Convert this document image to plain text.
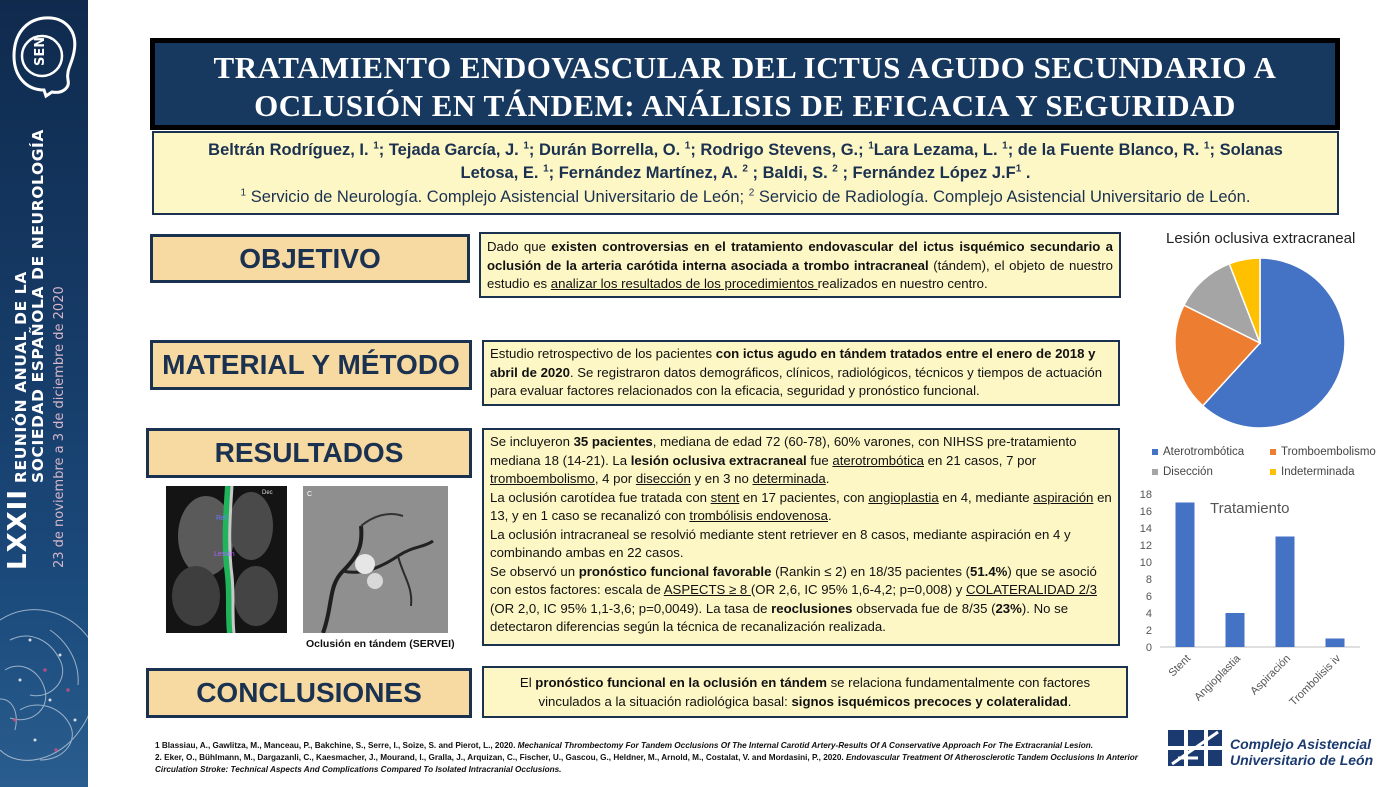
SEN
LXXII
REUNIÓN ANUAL DE LA SOCIEDAD ESPAÑOLA DE NEUROLOGÍA 23 de noviembre a 3 de diciembre de 2020
TRATAMIENTO ENDOVASCULAR DEL ICTUS AGUDO SECUNDARIO A
OCLUSIÓN EN TÁNDEM: ANÁLISIS DE EFICACIA Y SEGURIDAD
Beltrán Rodríguez, I. $^1$; Tejada García, J. $^1$; Durán Borrella, O. $^1$; Rodrigo Stevens, G.; $^1$Lara Lezama, L. $^1$; de la Fuente Blanco, R. $^1$; Solanas
Letosa, E. $^1$; Fernández Martínez, A. $^2$ ; Baldi, S. $^2$ ; Fernández López $J.F^1$ .
$^1$ Servicio de Neurología. Complejo Asistencial Universitario de León; $^2$ Servicio de Radiología. Complejo Asistencial Universitario de León.
OBJETIVO	Dado que existen controversias en el tratamiento endovascular del ictus isquémico secundario a oclusión de la arteria carótida interna asociada a trombo intracraneal (tándem), el objeto de nuestro estudio es analizar los resultados de los procedimientos realizados en nuestro centro.
MATERIAL Y MÉTODO	Estudio retrospectivo de los pacientes con ictus agudo en tándem tratados entre el enero de 2018 y abril de 2020. Se registraron datos demográficos, clínicos, radiológicos, técnicos y tiempos de actuación para evaluar factores relacionados con la eficacia, seguridad y pronóstico funcional.
RESULTADOS	Se incluyeron 35 pacientes, mediana de edad 72 (60-78), 60% varones, con NIHSS pre-tratamiento mediana 18 (14-21). La lesión oclusiva extracraneal fue aterotrombótica en 21 casos, 7 por tromboembolismo, 4 por disección y en 3 no determinada.
La oclusión carotídea fue tratada con stent en 17 pacientes, con angioplastia en 4, mediante aspiración en 13, y en 1 caso se recanalizó con trombólisis endovenosa.
La oclusión intracraneal se resolvió mediante stent retriever en 8 casos, mediante aspiración en 4 y combinando ambas en 22 casos.
Se observó un pronóstico funcional favorable (Rankin ≤ 2) en 18/35 pacientes (51.4%) que se asoció con estos factores: escala de ASPECTS ≥ 8 (OR 2,6, IC 95% 1,6-4,2; p=0,008) y COLATERALIDAD 2/3 (OR 2,0, IC 95% 1,1-3,6; p=0,0049). La tasa de reoclusiones observada fue de 8/35 (23%). No se detectaron diferencias según la técnica de recanalización realizada.
Ref
Lesión
Dec	C
Oclusión en tándem (SERVEI)
CONCLUSIONES	El pronóstico funcional en la oclusión en tándem se relaciona fundamentalmente con factores vinculados a la situación radiológica basal: signos isquémicos precoces y colateralidad.
Lesión oclusiva extracraneal
Aterotrombótica	Tromboembolismo
Disección	Indeterminada
0
2
4
6
8
10
12
14
16
18
Tratamiento
Stent Angioplastia Aspiración
Trombolisis iv
1 Blassiau, A., Gawlitza, M., Manceau, P., Bakchine, S., Serre, I., Soize, S. and Pierot, L., 2020. Mechanical Thrombectomy For Tandem Occlusions Of The Internal Carotid Artery-Results Of A Conservative Approach For The Extracranial Lesion.
2. Eker, O., Bühlmann, M., Dargazanli, C., Kaesmacher, J., Mourand, I., Gralla, J., Arquizan, C., Fischer, U., Gascou, G., Heldner, M., Arnold, M., Costalat, V. and Mordasini, P., 2020. Endovascular Treatment Of Atherosclerotic Tandem Occlusions In Anterior Circulation Stroke: Technical Aspects And Complications Compared To Isolated Intracranial Occlusions.
Complejo Asistencial
Universitario de León
